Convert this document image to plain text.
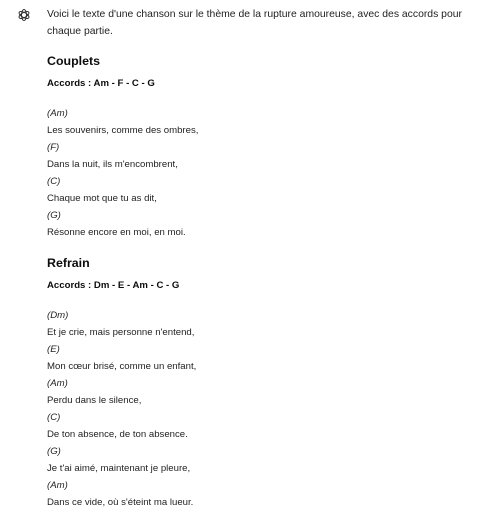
Voici le texte d'une chanson sur le thème de la rupture amoureuse, avec des accords pour chaque partie.

Couplets

Accords : Am - F - C - G

(Am)
Les souvenirs, comme des ombres,
(F)
Dans la nuit, ils m'encombrent,
(C)
Chaque mot que tu as dit,
(G)
Résonne encore en moi, en moi.
Refrain

Accords : Dm - E - Am - C - G

(Dm)
Et je crie, mais personne n'entend,
(E)
Mon cœur brisé, comme un enfant,
(Am)
Perdu dans le silence,
(C)
De ton absence, de ton absence.
(G)
Je t'ai aimé, maintenant je pleure,
(Am)
Dans ce vide, où s'éteint ma lueur.
